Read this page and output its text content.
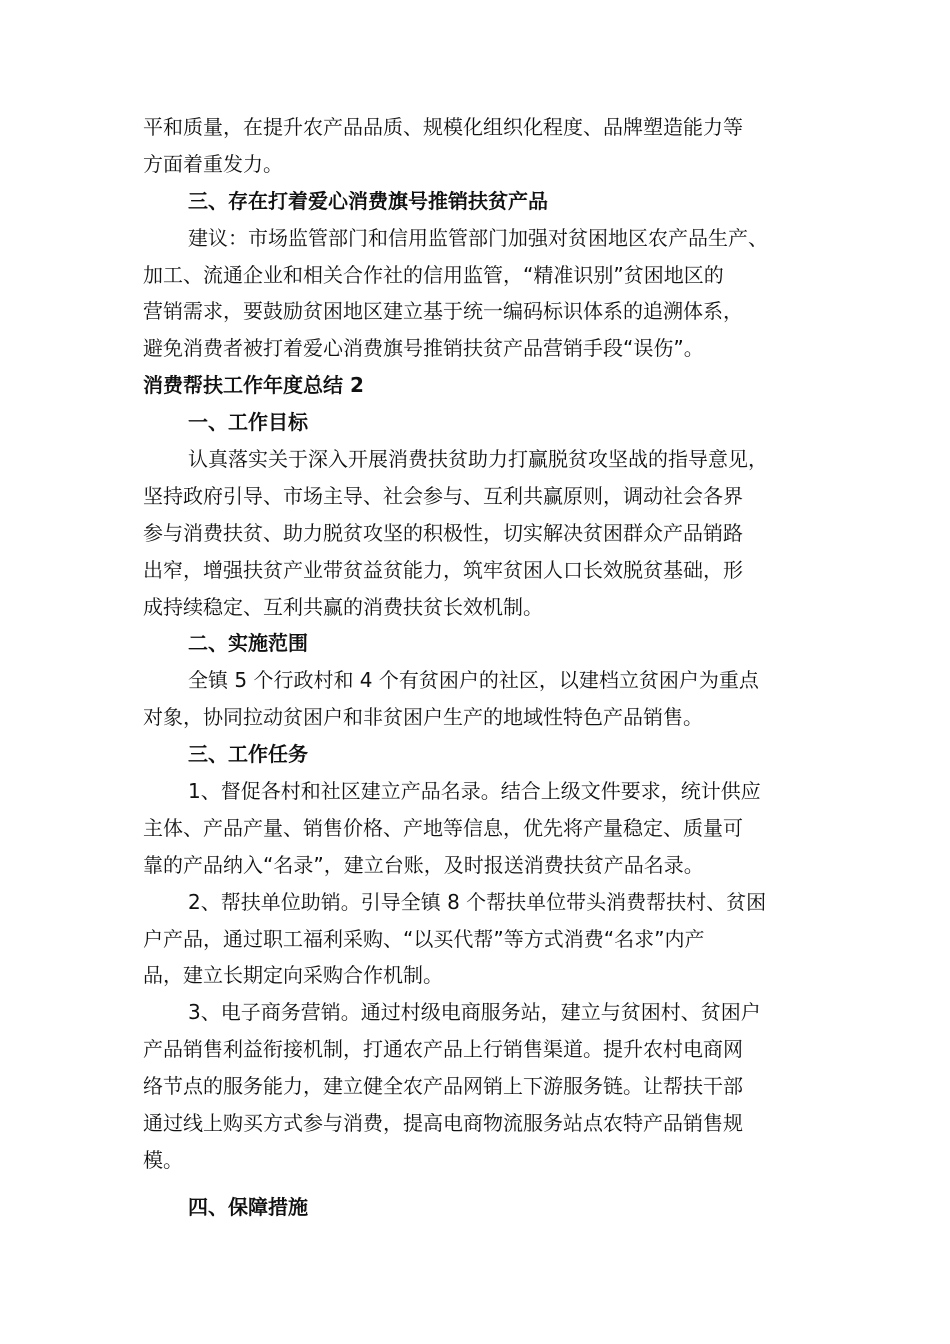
平和质量，在提升农产品品质、规模化组织化程度、品牌塑造能力等
方面着重发力。
三、存在打着爱心消费旗号推销扶贫产品
建议：市场监管部门和信用监管部门加强对贫困地区农产品生产、
加工、流通企业和相关合作社的信用监管，“精准识别”贫困地区的
营销需求，要鼓励贫困地区建立基于统一编码标识体系的追溯体系，
避免消费者被打着爱心消费旗号推销扶贫产品营销手段“误伤”。
消费帮扶工作年度总结 2
一、工作目标
认真落实关于深入开展消费扶贫助力打赢脱贫攻坚战的指导意见，
坚持政府引导、市场主导、社会参与、互利共赢原则，调动社会各界
参与消费扶贫、助力脱贫攻坚的积极性，切实解决贫困群众产品销路
出窄，增强扶贫产业带贫益贫能力，筑牢贫困人口长效脱贫基础，形
成持续稳定、互利共赢的消费扶贫长效机制。
二、实施范围
全镇 5 个行政村和 4 个有贫困户的社区，以建档立贫困户为重点
对象，协同拉动贫困户和非贫困户生产的地域性特色产品销售。
三、工作任务
1、督促各村和社区建立产品名录。结合上级文件要求，统计供应
主体、产品产量、销售价格、产地等信息，优先将产量稳定、质量可
靠的产品纳入“名录”，建立台账，及时报送消费扶贫产品名录。
2、帮扶单位助销。引导全镇 8 个帮扶单位带头消费帮扶村、贫困
户产品，通过职工福利采购、“以买代帮”等方式消费“名求”内产
品，建立长期定向采购合作机制。
3、电子商务营销。通过村级电商服务站，建立与贫困村、贫困户
产品销售利益衔接机制，打通农产品上行销售渠道。提升农村电商网
络节点的服务能力，建立健全农产品网销上下游服务链。让帮扶干部
通过线上购买方式参与消费，提高电商物流服务站点农特产品销售规
模。
四、保障措施
